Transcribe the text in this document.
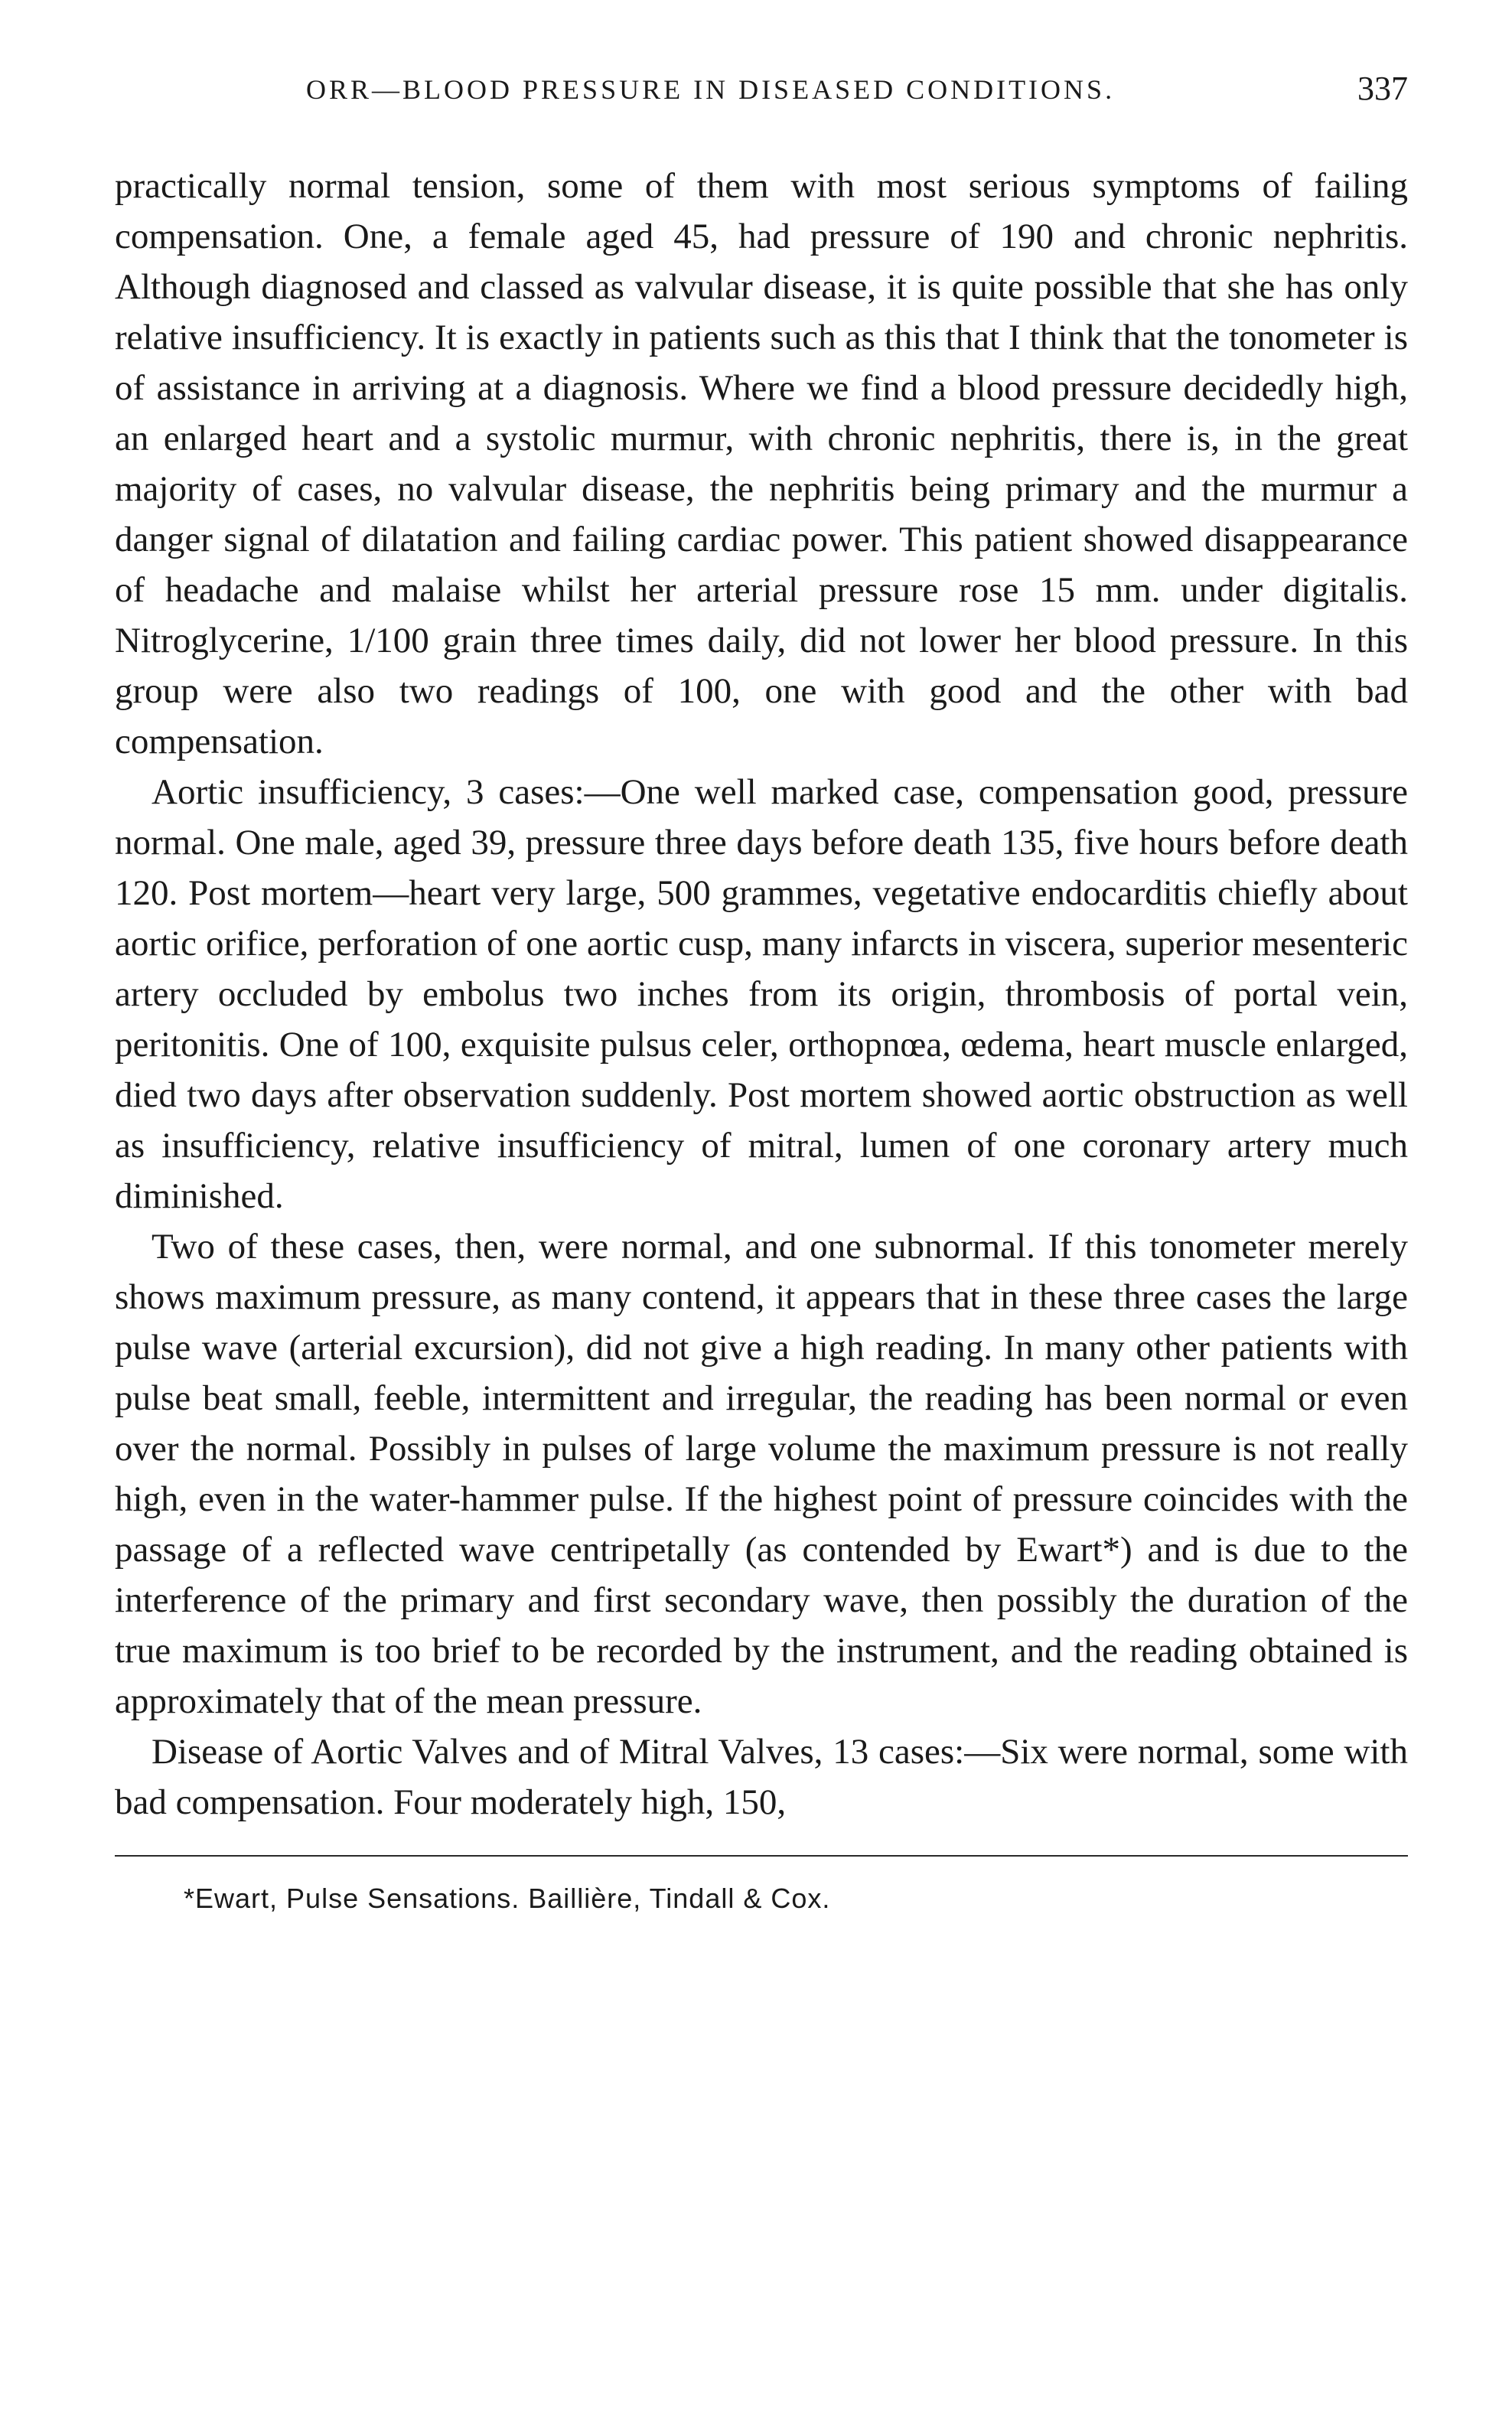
ORR—BLOOD PRESSURE IN DISEASED CONDITIONS.	337

practically normal tension, some of them with most serious symptoms of failing compensation. One, a female aged 45, had pressure of 190 and chronic nephritis. Although diagnosed and classed as valvular disease, it is quite possible that she has only relative insufficiency. It is exactly in patients such as this that I think that the tonometer is of assistance in arriving at a diagnosis. Where we find a blood pressure decidedly high, an enlarged heart and a systolic murmur, with chronic nephritis, there is, in the great majority of cases, no valvular disease, the nephritis being primary and the murmur a danger signal of dilatation and failing cardiac power. This patient showed disappearance of headache and malaise whilst her arterial pressure rose 15 mm. under digitalis. Nitroglycerine, 1/100 grain three times daily, did not lower her blood pressure. In this group were also two readings of 100, one with good and the other with bad compensation.

Aortic insufficiency, 3 cases:—One well marked case, compensation good, pressure normal. One male, aged 39, pressure three days before death 135, five hours before death 120. Post mortem—heart very large, 500 grammes, vegetative endocarditis chiefly about aortic orifice, perforation of one aortic cusp, many infarcts in viscera, superior mesenteric artery occluded by embolus two inches from its origin, thrombosis of portal vein, peritonitis. One of 100, exquisite pulsus celer, orthopnœa, œdema, heart muscle enlarged, died two days after observation suddenly. Post mortem showed aortic obstruction as well as insufficiency, relative insufficiency of mitral, lumen of one coronary artery much diminished.

Two of these cases, then, were normal, and one subnormal. If this tonometer merely shows maximum pressure, as many contend, it appears that in these three cases the large pulse wave (arterial excursion), did not give a high reading. In many other patients with pulse beat small, feeble, intermittent and irregular, the reading has been normal or even over the normal. Possibly in pulses of large volume the maximum pressure is not really high, even in the water-hammer pulse. If the highest point of pressure coincides with the passage of a reflected wave centripetally (as contended by Ewart*) and is due to the interference of the primary and first secondary wave, then possibly the duration of the true maximum is too brief to be recorded by the instrument, and the reading obtained is approximately that of the mean pressure.

Disease of Aortic Valves and of Mitral Valves, 13 cases:—Six were normal, some with bad compensation. Four moderately high, 150,

*Ewart, Pulse Sensations. Baillière, Tindall & Cox.
